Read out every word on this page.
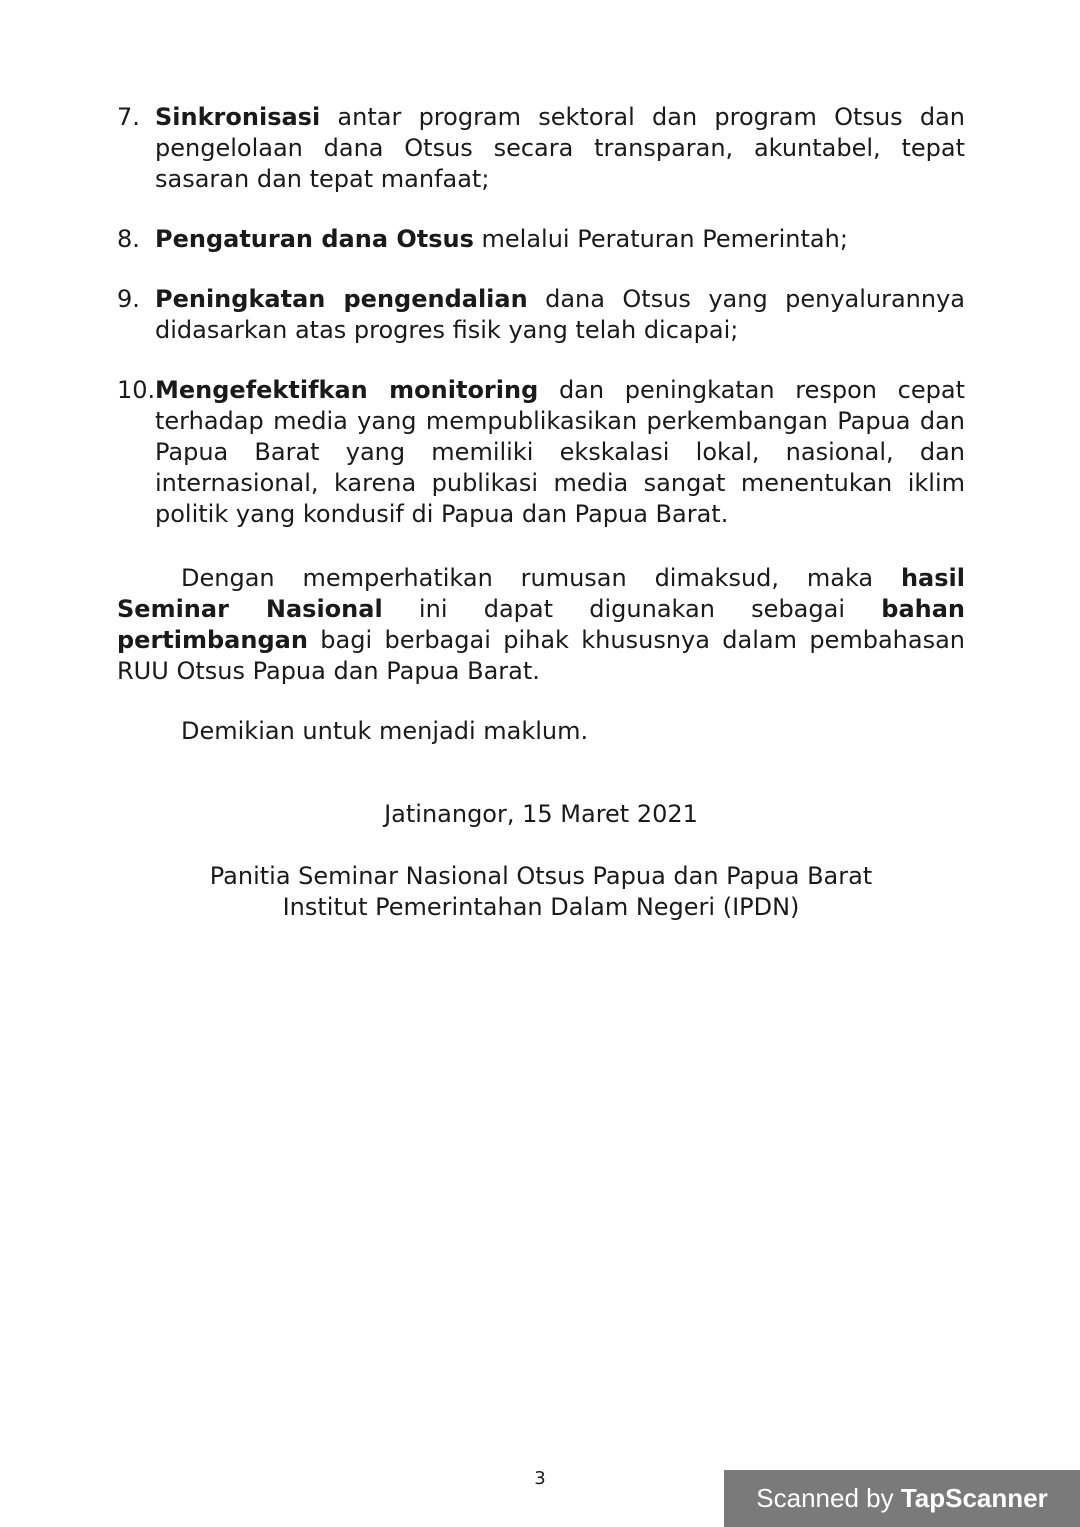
7. Sinkronisasi antar program sektoral dan program Otsus dan pengelolaan dana Otsus secara transparan, akuntabel, tepat sasaran dan tepat manfaat;
8. Pengaturan dana Otsus melalui Peraturan Pemerintah;
9. Peningkatan pengendalian dana Otsus yang penyalurannya didasarkan atas progres fisik yang telah dicapai;
10. Mengefektifkan monitoring dan peningkatan respon cepat terhadap media yang mempublikasikan perkembangan Papua dan Papua Barat yang memiliki ekskalasi lokal, nasional, dan internasional, karena publikasi media sangat menentukan iklim politik yang kondusif di Papua dan Papua Barat.
Dengan memperhatikan rumusan dimaksud, maka hasil Seminar Nasional ini dapat digunakan sebagai bahan pertimbangan bagi berbagai pihak khususnya dalam pembahasan RUU Otsus Papua dan Papua Barat.
Demikian untuk menjadi maklum.
Jatinangor, 15 Maret 2021
Panitia Seminar Nasional Otsus Papua dan Papua Barat
Institut Pemerintahan Dalam Negeri (IPDN)
3
Scanned by TapScanner
